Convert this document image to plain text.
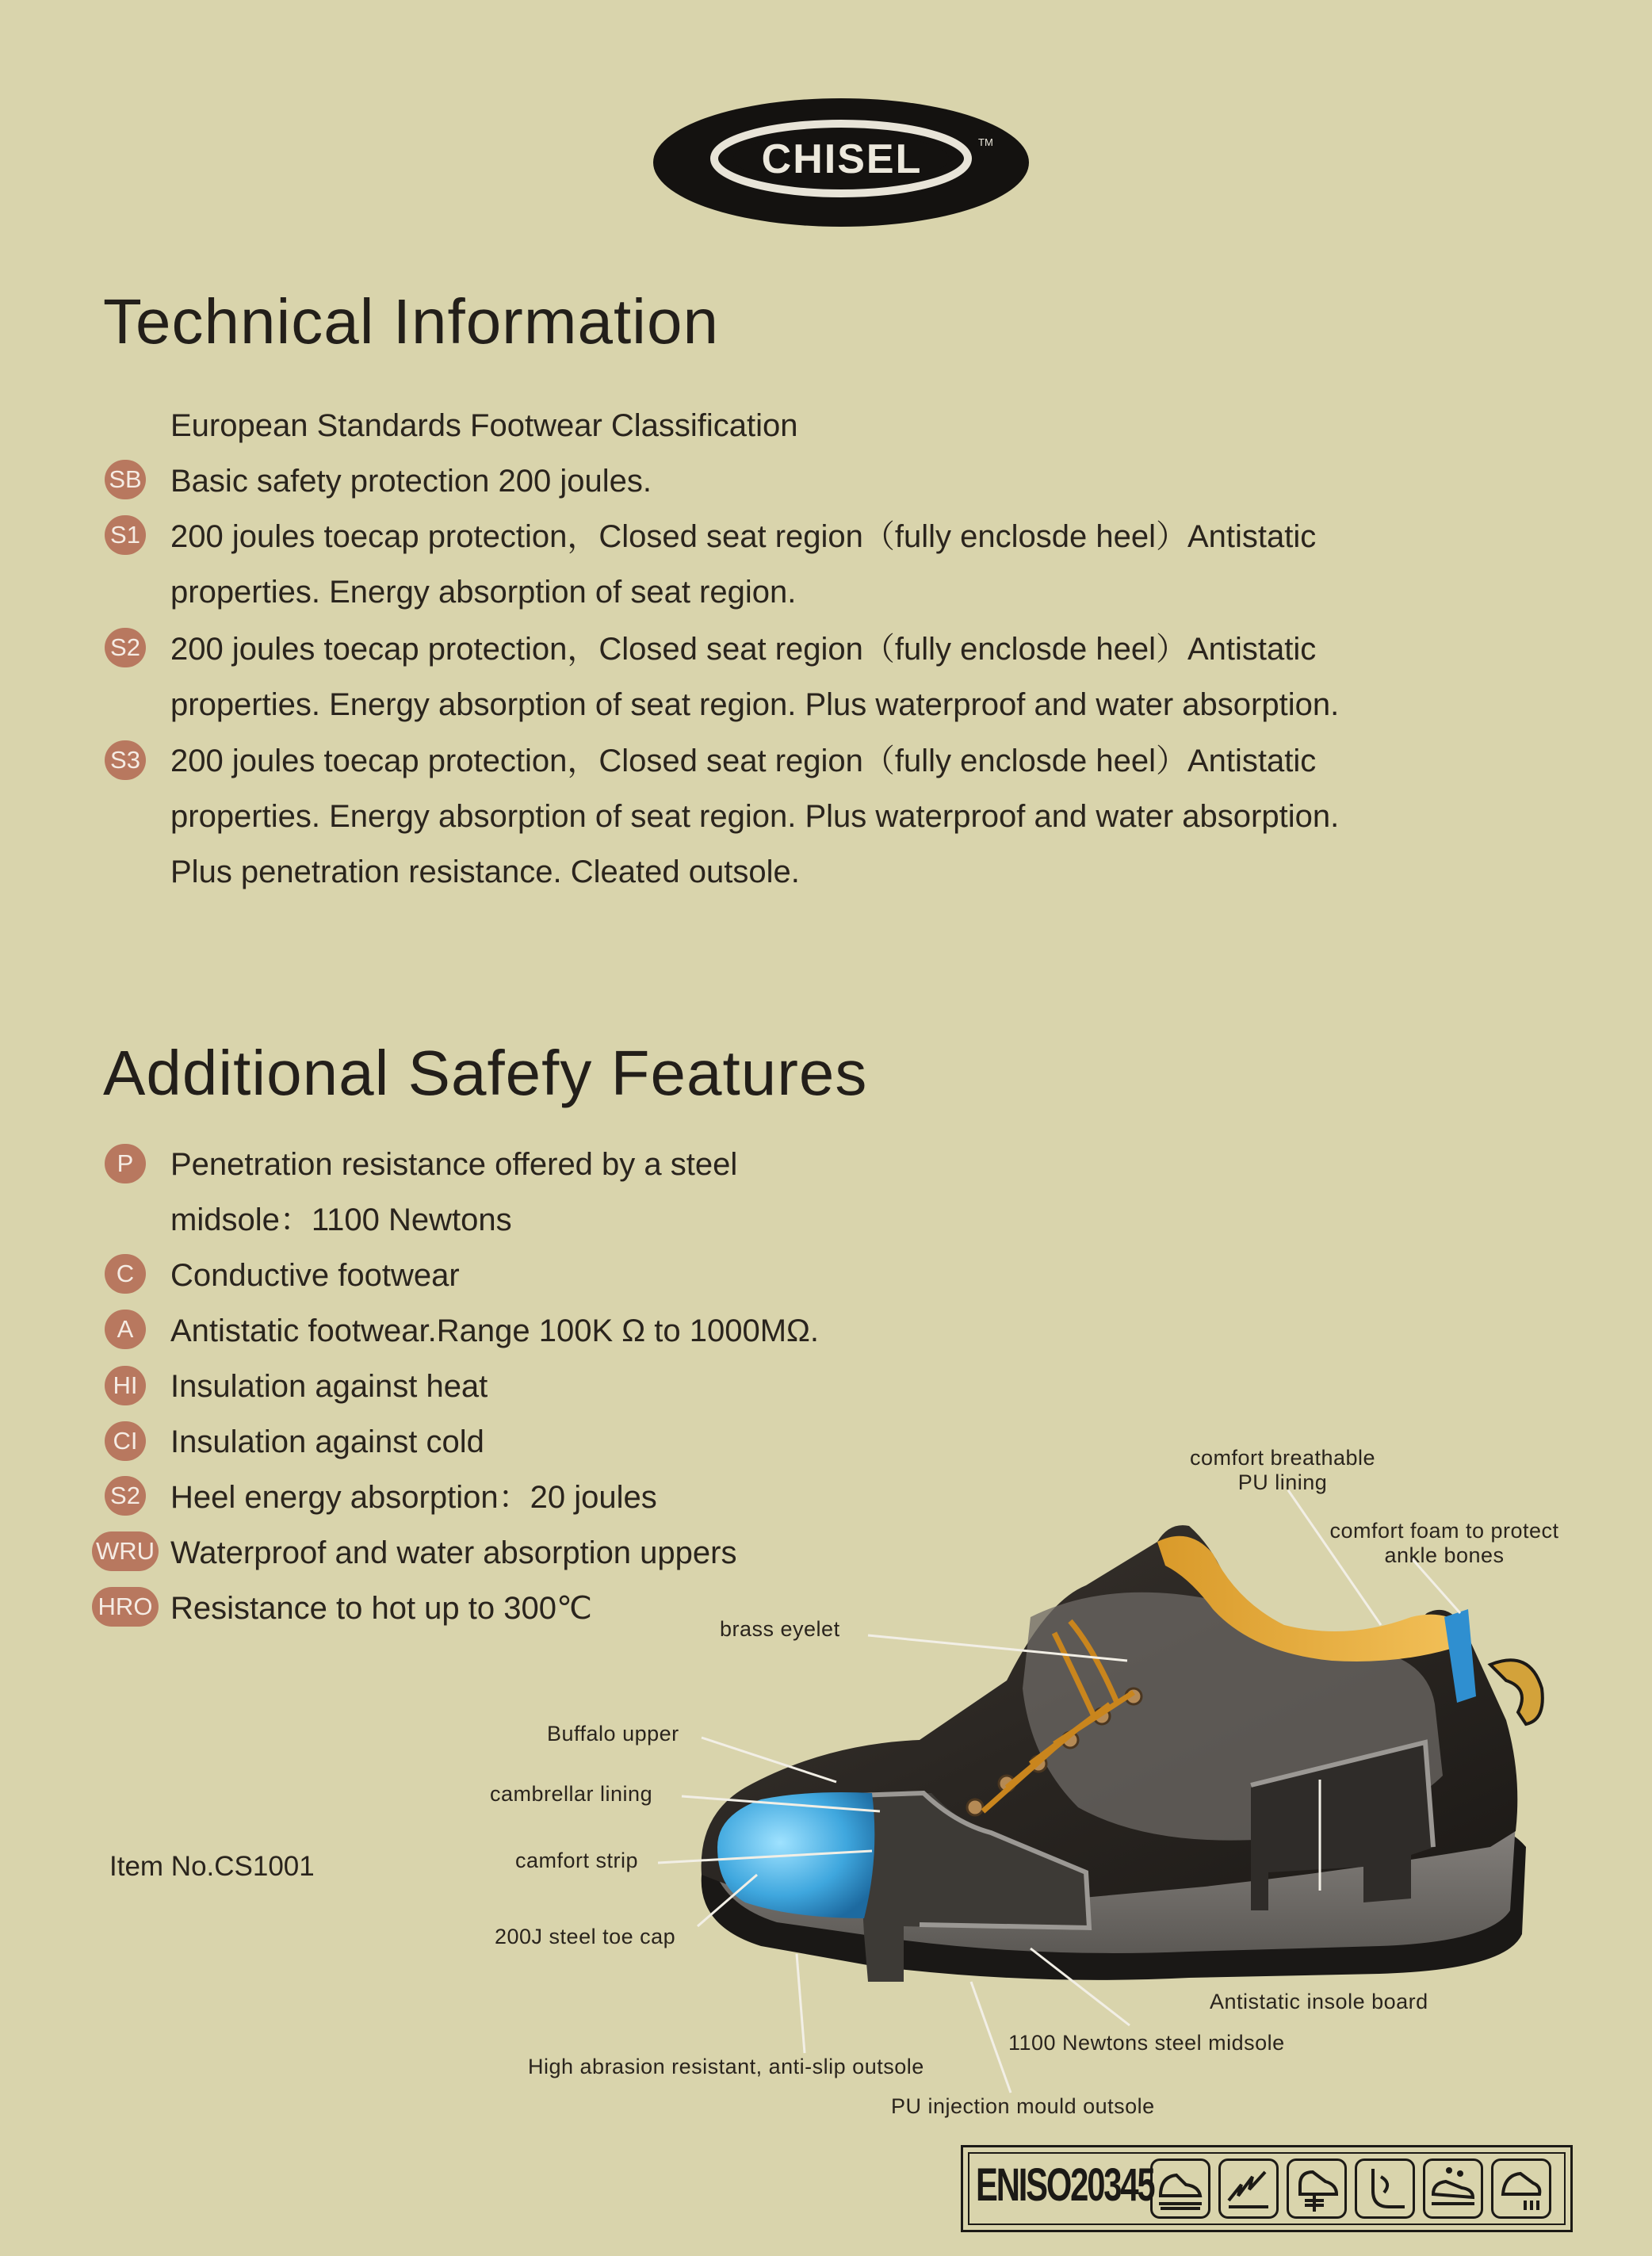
CHISEL	TM
Technical Information
European Standards Footwear Classification
SB Basic safety protection 200 joules.
S1 200 joules toecap protection，Closed seat region（fully enclosde heel）Antistatic
properties. Energy absorption of seat region.
S2 200 joules toecap protection，Closed seat region（fully enclosde heel）Antistatic
properties. Energy absorption of seat region. Plus waterproof and water absorption.
S3 200 joules toecap protection，Closed seat region（fully enclosde heel）Antistatic
properties. Energy absorption of seat region. Plus waterproof and water absorption.
Plus penetration resistance. Cleated outsole.
Additional Safefy Features
P	Penetration resistance offered by a steel
midsole：1100 Newtons
C	Conductive footwear
A	Antistatic footwear.Range 100K Ω to 1000MΩ.
HI Insulation against heat
CI Insulation against cold
S2 Heel energy absorption：20 joules
WRU Waterproof and water absorption uppers
HRO Resistance to hot up to 300℃
Item No.CS1001
comfort breathable
PU lining
comfort foam to protect
ankle bones
brass eyelet
Buffalo upper
cambrellar lining
camfort strip
200J steel toe cap
Antistatic insole board
1100 Newtons steel midsole
High abrasion resistant, anti-slip outsole
PU injection mould outsole
ENISO20345
